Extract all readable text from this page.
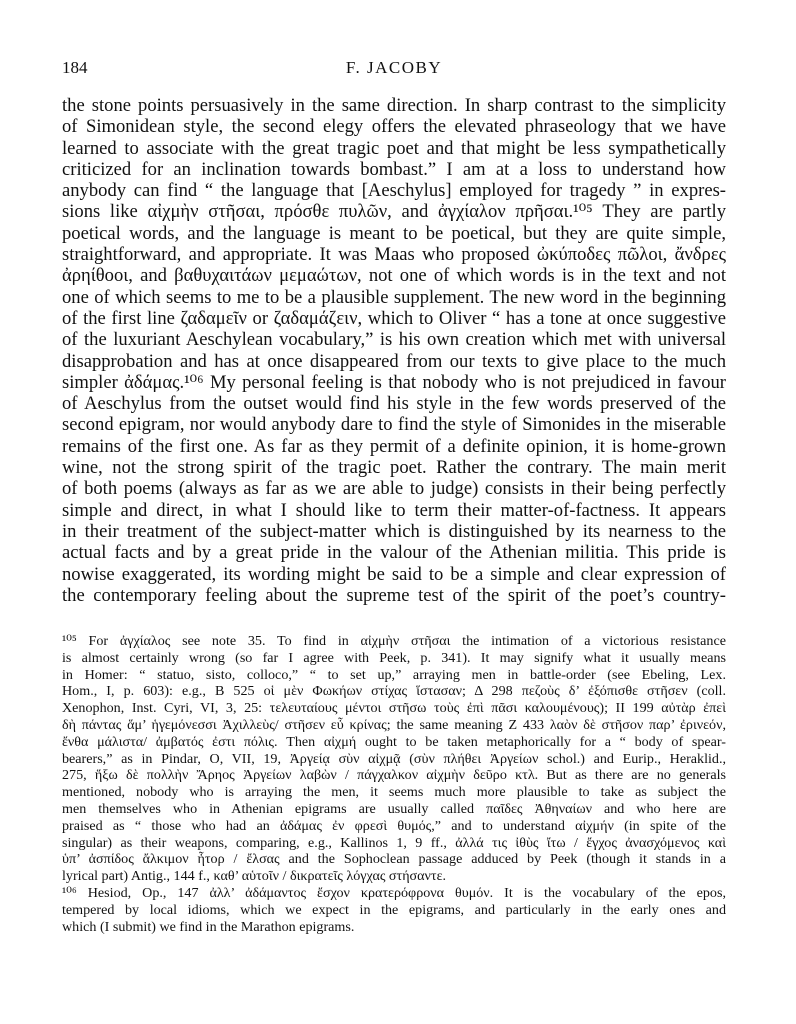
184	F. JACOBY
the stone points persuasively in the same direction. In sharp contrast to the simplicity
of Simonidean style, the second elegy offers the elevated phraseology that we have
learned to associate with the great tragic poet and that might be less sympathetically
criticized for an inclination towards bombast.” I am at a loss to understand how
anybody can find “ the language that [Aeschylus] employed for tragedy ” in expres-
sions like αἰχμὴν στῆσαι, πρόσθε πυλῶν, and ἀγχίαλον πρῆσαι.¹⁰⁵ They are partly
poetical words, and the language is meant to be poetical, but they are quite simple,
straightforward, and appropriate. It was Maas who proposed ὠκύποδες πῶλοι, ἄνδρες
ἀρηίθοοι, and βαθυχαιτάων μεμαώτων, not one of which words is in the text and not
one of which seems to me to be a plausible supplement. The new word in the beginning
of the first line ζαδαμεῖν or ζαδαμάζειν, which to Oliver “ has a tone at once suggestive
of the luxuriant Aeschylean vocabulary,” is his own creation which met with universal
disapprobation and has at once disappeared from our texts to give place to the much
simpler ἀδάμας.¹⁰⁶ My personal feeling is that nobody who is not prejudiced in favour
of Aeschylus from the outset would find his style in the few words preserved of the
second epigram, nor would anybody dare to find the style of Simonides in the miserable
remains of the first one. As far as they permit of a definite opinion, it is home-grown
wine, not the strong spirit of the tragic poet. Rather the contrary. The main merit
of both poems (always as far as we are able to judge) consists in their being perfectly
simple and direct, in what I should like to term their matter-of-factness. It appears
in their treatment of the subject-matter which is distinguished by its nearness to the
actual facts and by a great pride in the valour of the Athenian militia. This pride is
nowise exaggerated, its wording might be said to be a simple and clear expression of
the contemporary feeling about the supreme test of the spirit of the poet’s country-
¹⁰⁵ For ἀγχίαλος see note 35. To find in αἰχμὴν στῆσαι the intimation of a victorious resistance
is almost certainly wrong (so far I agree with Peek, p. 341). It may signify what it usually means
in Homer: “ statuo, sisto, colloco,” “ to set up,” arraying men in battle-order (see Ebeling, Lex.
Hom., I, p. 603): e.g., B 525 οἱ μὲν Φωκήων στίχας ἵστασαν; Δ 298 πεζοὺς δ’ ἐξόπισθε στῆσεν (coll.
Xenophon, Inst. Cyri, VI, 3, 25: τελευταίους μέντοι στῆσω τοὺς ἐπὶ πᾶσι καλουμένους); II 199 αὐτὰρ ἐπεὶ
δὴ πάντας ἅμ’ ἡγεμόνεσσι Ἀχιλλεὺς/ στῆσεν εὖ κρίνας; the same meaning Z 433 λαὸν δὲ στῆσον παρ’ ἐρινεόν,
ἔνθα μάλιστα/ ἀμβατός ἐστι πόλις. Then αἰχμή ought to be taken metaphorically for a “ body of spear-
bearers,” as in Pindar, O, VII, 19, Ἀργείᾳ σὺν αἰχμᾷ (σὺν πλήθει Ἀργείων schol.) and Eurip., Heraklid.,
275, ἥξω δὲ πολλὴν Ἄρηος Ἀργείων λαβὼν / πάγχαλκον αἰχμὴν δεῦρο κτλ. But as there are no generals
mentioned, nobody who is arraying the men, it seems much more plausible to take as subject the
men themselves who in Athenian epigrams are usually called παῖδες Ἀθηναίων and who here are
praised as “ those who had an ἀδάμας ἐν φρεσὶ θυμός,” and to understand αἰχμήν (in spite of the
singular) as their weapons, comparing, e.g., Kallinos 1, 9 ff., ἀλλά τις ἰθὺς ἴτω / ἔγχος ἀνασχόμενος καὶ
ὑπ’ ἀσπίδος ἄλκιμον ἦτορ / ἔλσας and the Sophoclean passage adduced by Peek (though it stands in a
lyrical part) Antig., 144 f., καθ’ αὑτοῖν / δικρατεῖς λόγχας στήσαντε.
¹⁰⁶ Hesiod, Op., 147 ἀλλ’ ἀδάμαντος ἔσχον κρατερόφρονα θυμόν. It is the vocabulary of the epos,
tempered by local idioms, which we expect in the epigrams, and particularly in the early ones and
which (I submit) we find in the Marathon epigrams.
